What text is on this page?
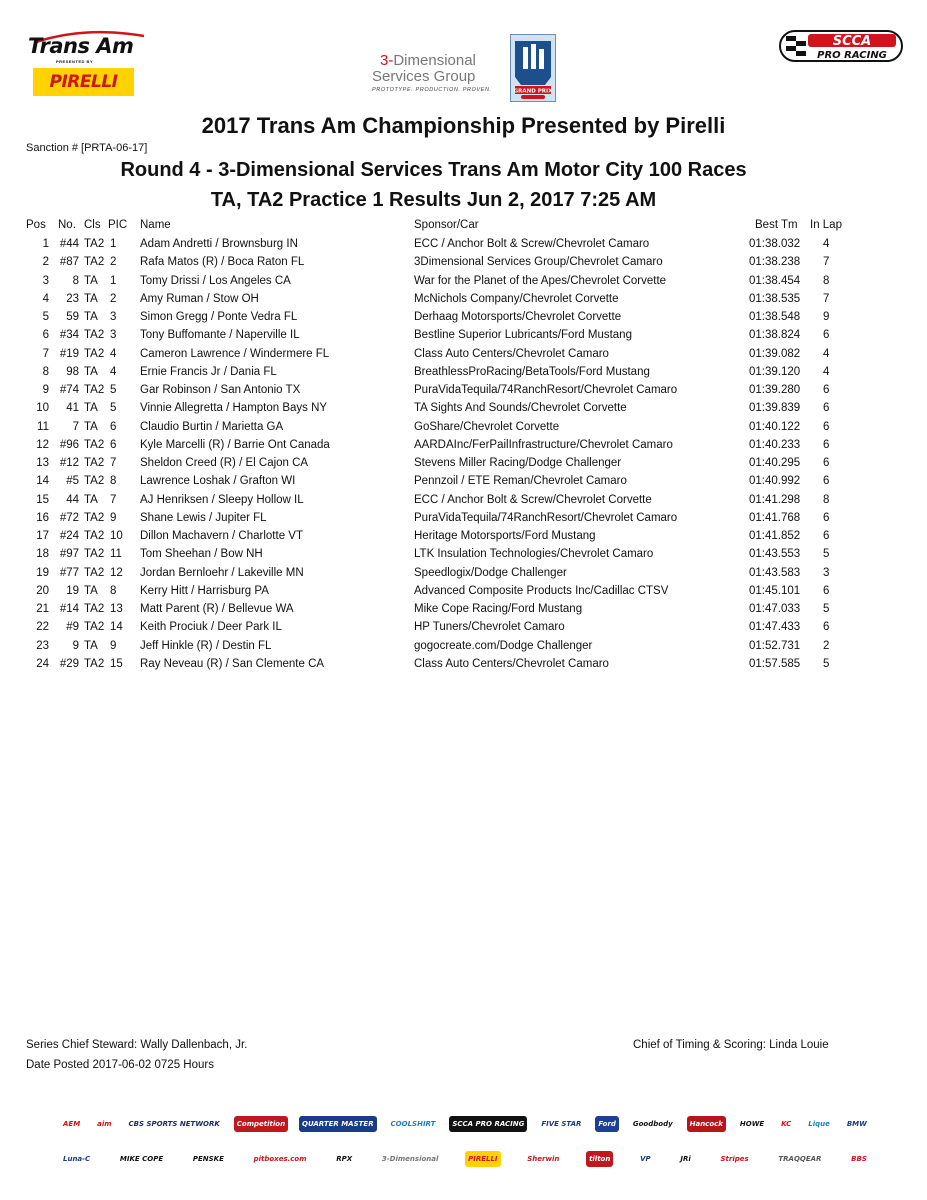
Trans Am
PRESENTED BY
PIRELLI
3-Dimensional
Services Group
PROTOTYPE. PRODUCTION. PROVEN.	GRAND PRIX
SCCA
PRO RACING
2017 Trans Am Championship Presented by Pirelli
Sanction # [PRTA-06-17]
Round 4 - 3-Dimensional Services Trans Am Motor City 100 Races
TA, TA2 Practice 1 Results Jun 2, 2017 7:25 AM
Pos No. Cls PIC Name	Sponsor/Car	Best Tm In Lap
1 #44 TA2 1 Adam Andretti / Brownsburg IN	ECC / Anchor Bolt & Screw/Chevrolet Camaro	01:38.032 4
2 #87 TA2 2 Rafa Matos (R) / Boca Raton FL	3Dimensional Services Group/Chevrolet Camaro	01:38.238 7
3	8 TA 1 Tomy Drissi / Los Angeles CA	War for the Planet of the Apes/Chevrolet Corvette	01:38.454 8
4	23 TA 2 Amy Ruman / Stow OH	McNichols Company/Chevrolet Corvette	01:38.535 7
5	59 TA 3 Simon Gregg / Ponte Vedra FL	Derhaag Motorsports/Chevrolet Corvette	01:38.548 9
6 #34 TA2 3 Tony Buffomante / Naperville IL	Bestline Superior Lubricants/Ford Mustang	01:38.824 6
7 #19 TA2 4 Cameron Lawrence / Windermere FL	Class Auto Centers/Chevrolet Camaro	01:39.082 4
8	98 TA 4 Ernie Francis Jr / Dania FL	BreathlessProRacing/BetaTools/Ford Mustang	01:39.120 4
9 #74 TA2 5 Gar Robinson / San Antonio TX	PuraVidaTequila/74RanchResort/Chevrolet Camaro	01:39.280 6
10	41 TA 5 Vinnie Allegretta / Hampton Bays NY	TA Sights And Sounds/Chevrolet Corvette	01:39.839 6
11	7 TA 6 Claudio Burtin / Marietta GA	GoShare/Chevrolet Corvette	01:40.122 6
12 #96 TA2 6 Kyle Marcelli (R) / Barrie Ont Canada	AARDAInc/FerPailInfrastructure/Chevrolet Camaro	01:40.233 6
13 #12 TA2 7 Sheldon Creed (R) / El Cajon CA	Stevens Miller Racing/Dodge Challenger	01:40.295 6
14	#5 TA2 8 Lawrence Loshak / Grafton WI	Pennzoil / ETE Reman/Chevrolet Camaro	01:40.992 6
15	44 TA 7 AJ Henriksen / Sleepy Hollow IL	ECC / Anchor Bolt & Screw/Chevrolet Corvette	01:41.298 8
16 #72 TA2 9 Shane Lewis / Jupiter FL	PuraVidaTequila/74RanchResort/Chevrolet Camaro	01:41.768 6
17 #24 TA2 10 Dillon Machavern / Charlotte VT	Heritage Motorsports/Ford Mustang	01:41.852 6
18 #97 TA2 11 Tom Sheehan / Bow NH	LTK Insulation Technologies/Chevrolet Camaro	01:43.553 5
19 #77 TA2 12 Jordan Bernloehr / Lakeville MN	Speedlogix/Dodge Challenger	01:43.583 3
20	19 TA 8 Kerry Hitt / Harrisburg PA	Advanced Composite Products Inc/Cadillac CTSV	01:45.101 6
21 #14 TA2 13 Matt Parent (R) / Bellevue WA	Mike Cope Racing/Ford Mustang	01:47.033 5
22	#9 TA2 14 Keith Prociuk / Deer Park IL	HP Tuners/Chevrolet Camaro	01:47.433 6
23	9 TA 9 Jeff Hinkle (R) / Destin FL	gogocreate.com/Dodge Challenger	01:52.731 2
24 #29 TA2 15 Ray Neveau (R) / San Clemente CA	Class Auto Centers/Chevrolet Camaro	01:57.585 5
Series Chief Steward: Wally Dallenbach, Jr.	Chief of Timing & Scoring: Linda Louie
Date Posted 2017-06-02 0725 Hours
AEM	aim	CBS SPORTS NETWORK	Competition	QUARTER MASTER	COOLSHIRT	SCCA PRO RACING	FIVE STAR	Ford	Goodbody	Hancock	HOWE	KC	Lique	BMW
Luna-C	MIKE COPE	PENSKE	pitboxes.com	RPX	3-Dimensional	PIRELLI	Sherwin	tilton	VP	JRi	Stripes	TRAQQEAR	BBS
